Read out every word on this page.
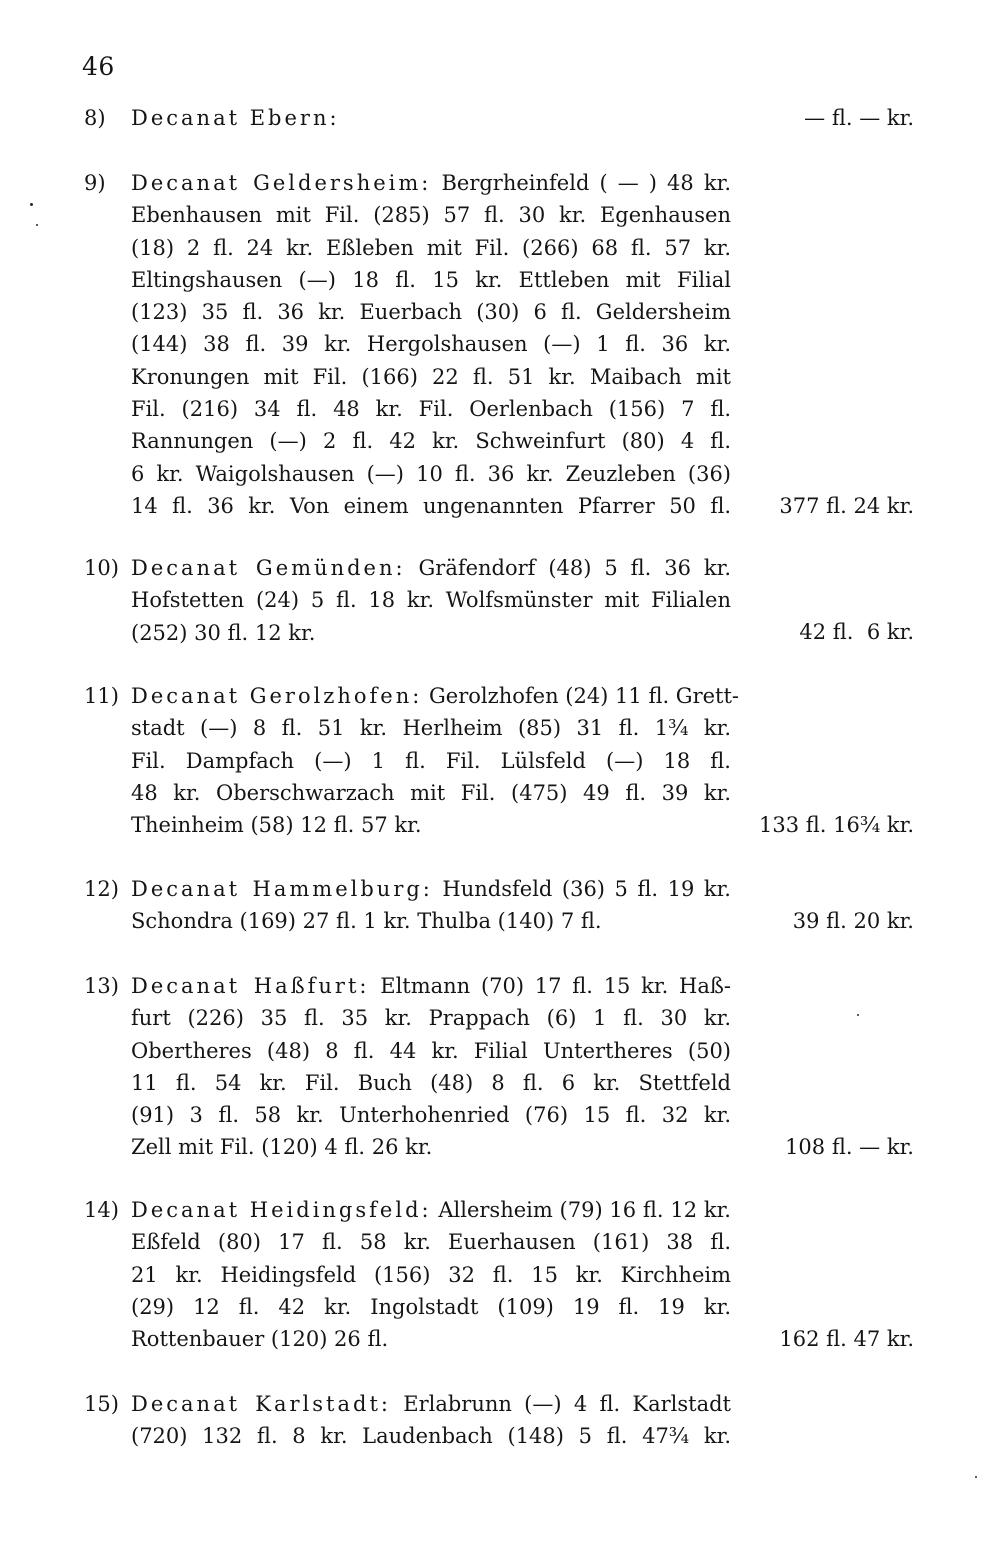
46
8)	Decanat Ebern:	— fl. — kr.
9)	Decanat Geldersheim: Bergrheinfeld ( — ) 48 kr.
Ebenhausen mit Fil. (285) 57 fl. 30 kr. Egenhausen
(18) 2 fl. 24 kr. Eßleben mit Fil. (266) 68 fl. 57 kr.
Eltingshausen (—) 18 fl. 15 kr. Ettleben mit Filial
(123) 35 fl. 36 kr. Euerbach (30) 6 fl. Geldersheim
(144) 38 fl. 39 kr. Hergolshausen (—) 1 fl. 36 kr.
Kronungen mit Fil. (166) 22 fl. 51 kr. Maibach mit
Fil. (216) 34 fl. 48 kr. Fil. Oerlenbach (156) 7 fl.
Rannungen (—) 2 fl. 42 kr. Schweinfurt (80) 4 fl.
6 kr. Waigolshausen (—) 10 fl. 36 kr. Zeuzleben (36)
14 fl. 36 kr. Von einem ungenannten Pfarrer 50 fl.	377 fl. 24 kr.
10) Decanat Gemünden: Gräfendorf (48) 5 fl. 36 kr.
Hofstetten (24) 5 fl. 18 kr. Wolfsmünster mit Filialen
(252) 30 fl. 12 kr.	42 fl.  6 kr.
11) Decanat Gerolzhofen: Gerolzhofen (24) 11 fl. Grett-
stadt (—) 8 fl. 51 kr. Herlheim (85) 31 fl. 1¾ kr.
Fil. Dampfach (—) 1 fl. Fil. Lülsfeld (—) 18 fl.
48 kr. Oberschwarzach mit Fil. (475) 49 fl. 39 kr.
Theinheim (58) 12 fl. 57 kr.	133 fl. 16¾ kr.
12) Decanat Hammelburg: Hundsfeld (36) 5 fl. 19 kr.
Schondra (169) 27 fl. 1 kr. Thulba (140) 7 fl.	39 fl. 20 kr.
13) Decanat Haßfurt: Eltmann (70) 17 fl. 15 kr. Haß-
furt (226) 35 fl. 35 kr. Prappach (6) 1 fl. 30 kr.
Obertheres (48) 8 fl. 44 kr. Filial Untertheres (50)
11 fl. 54 kr. Fil. Buch (48) 8 fl. 6 kr. Stettfeld
(91) 3 fl. 58 kr. Unterhohenried (76) 15 fl. 32 kr.
Zell mit Fil. (120) 4 fl. 26 kr.	108 fl. — kr.
14) Decanat Heidingsfeld: Allersheim (79) 16 fl. 12 kr.
Eßfeld (80) 17 fl. 58 kr. Euerhausen (161) 38 fl.
21 kr. Heidingsfeld (156) 32 fl. 15 kr. Kirchheim
(29) 12 fl. 42 kr. Ingolstadt (109) 19 fl. 19 kr.
Rottenbauer (120) 26 fl.	162 fl. 47 kr.
15) Decanat Karlstadt: Erlabrunn (—) 4 fl. Karlstadt
(720) 132 fl. 8 kr. Laudenbach (148) 5 fl. 47¾ kr.
